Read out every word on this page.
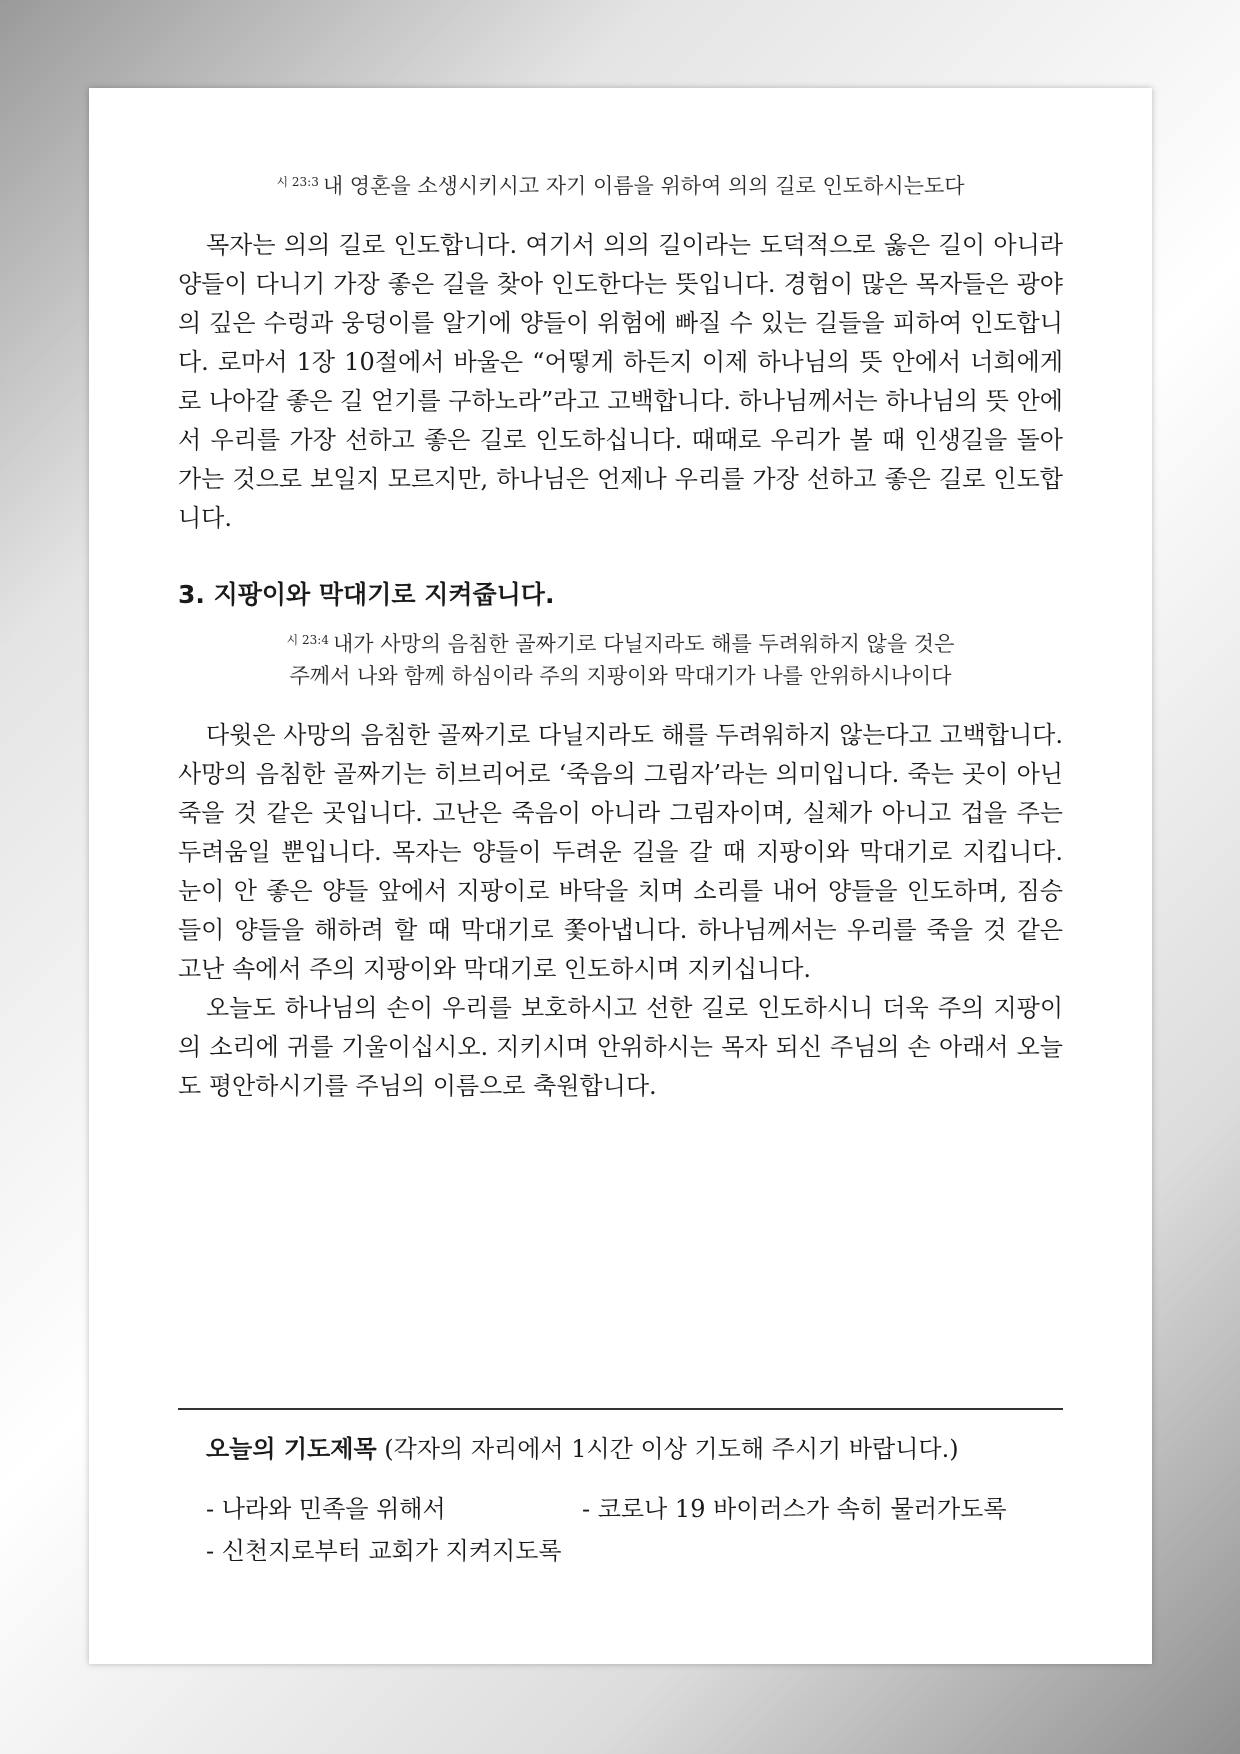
$^{시 23:3}$ 내 영혼을 소생시키시고 자기 이름을 위하여 의의 길로 인도하시는도다

목자는 의의 길로 인도합니다. 여기서 의의 길이라는 도덕적으로 옳은 길이 아니라 양들이 다니기 가장 좋은 길을 찾아 인도한다는 뜻입니다. 경험이 많은 목자들은 광야의 깊은 수렁과 웅덩이를 알기에 양들이 위험에 빠질 수 있는 길들을 피하여 인도합니다. 로마서 1장 10절에서 바울은 “어떻게 하든지 이제 하나님의 뜻 안에서 너희에게로 나아갈 좋은 길 얻기를 구하노라”라고 고백합니다. 하나님께서는 하나님의 뜻 안에서 우리를 가장 선하고 좋은 길로 인도하십니다. 때때로 우리가 볼 때 인생길을 돌아가는 것으로 보일지 모르지만, 하나님은 언제나 우리를 가장 선하고 좋은 길로 인도합니다.

3. 지팡이와 막대기로 지켜줍니다.
$^{시 23:4}$ 내가 사망의 음침한 골짜기로 다닐지라도 해를 두려워하지 않을 것은
주께서 나와 함께 하심이라 주의 지팡이와 막대기가 나를 안위하시나이다

다윗은 사망의 음침한 골짜기로 다닐지라도 해를 두려워하지 않는다고 고백합니다. 사망의 음침한 골짜기는 히브리어로 ‘죽음의 그림자’라는 의미입니다. 죽는 곳이 아닌 죽을 것 같은 곳입니다. 고난은 죽음이 아니라 그림자이며, 실체가 아니고 겁을 주는 두려움일 뿐입니다. 목자는 양들이 두려운 길을 갈 때 지팡이와 막대기로 지킵니다. 눈이 안 좋은 양들 앞에서 지팡이로 바닥을 치며 소리를 내어 양들을 인도하며, 짐승들이 양들을 해하려 할 때 막대기로 쫓아냅니다. 하나님께서는 우리를 죽을 것 같은 고난 속에서 주의 지팡이와 막대기로 인도하시며 지키십니다.

오늘도 하나님의 손이 우리를 보호하시고 선한 길로 인도하시니 더욱 주의 지팡이의 소리에 귀를 기울이십시오. 지키시며 안위하시는 목자 되신 주님의 손 아래서 오늘도 평안하시기를 주님의 이름으로 축원합니다.

오늘의 기도제목 (각자의 자리에서 1시간 이상 기도해 주시기 바랍니다.)
- 나라와 민족을 위해서	- 코로나 19 바이러스가 속히 물러가도록
- 신천지로부터 교회가 지켜지도록
